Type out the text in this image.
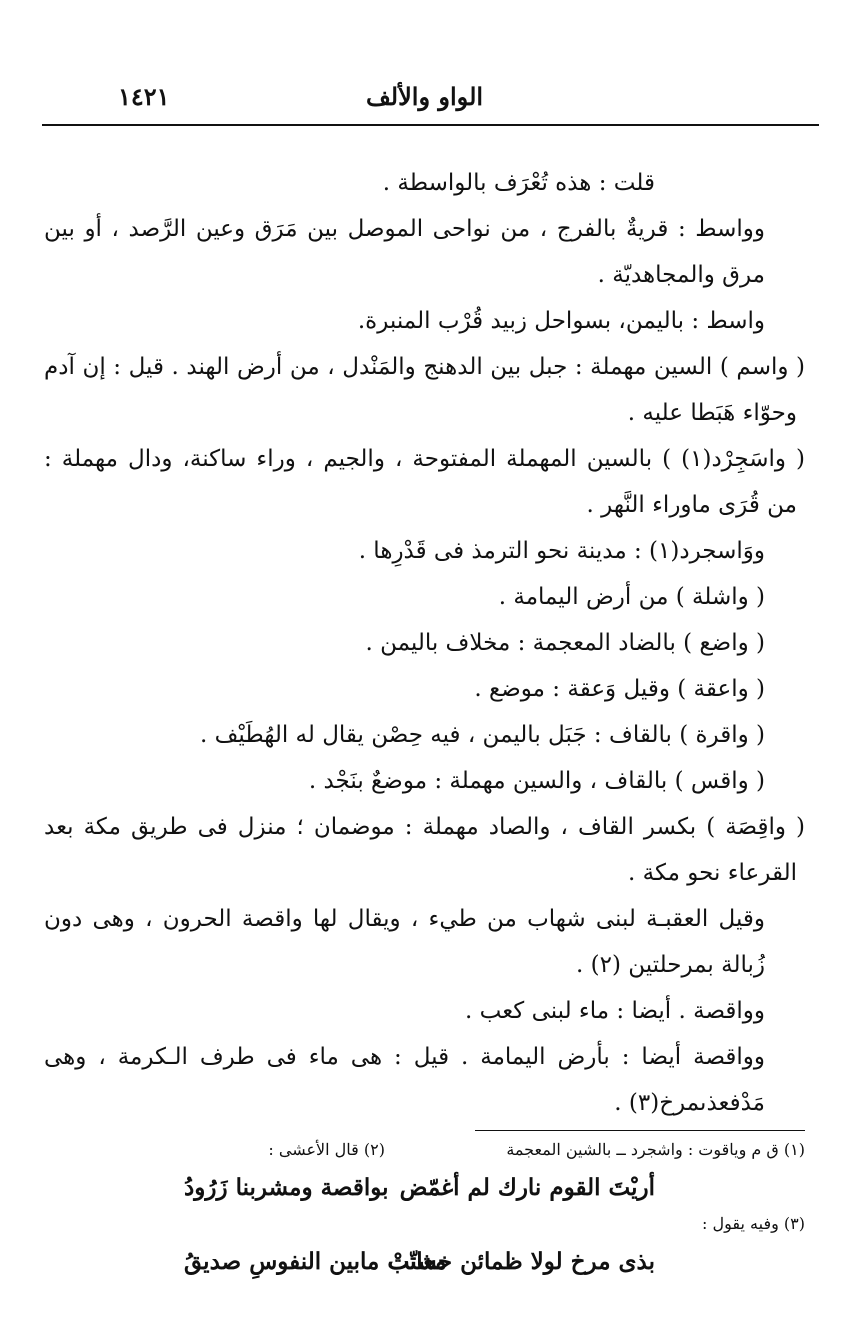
الواو والألف
١٤٢١

قلت : هذه تُعْرَف بالواسطة .

وواسط : قريةٌ بالفرج ، من نواحى الموصل بين مَرَق وعين الرَّصد ، أو بين مرق والمجاهديّة .

واسط : باليمن، بسواحل زبيد قُرْب المنبرة.

( واسم ) السين مهملة : جبل بين الدهنج والمَنْدل ، من أرض الهند . قيل : إن آدم وحوّاء هَبَطا عليه .

( واسَجِرْد(١) ) بالسين المهملة المفتوحة ، والجيم ، وراء ساكنة، ودال مهملة : من قُرَى ماوراء النَّهر .

ووَاسجرد(١) : مدينة نحو الترمذ فى قَدْرِها .

( واشلة ) من أرض اليمامة .

( واضع ) بالضاد المعجمة : مخلاف باليمن .

( واعقة ) وقيل وَعقة : موضع .

( واقرة ) بالقاف : جَبَل باليمن ، فيه حِصْن يقال له الهُطَيْف .

( واقس ) بالقاف ، والسين مهملة : موضعٌ بنَجْد .

( واقِصَة ) بكسر القاف ، والصاد مهملة : موضمان ؛ منزل فى طريق مكة بعد القرعاء نحو مكة .

وقيل العقبـة لبنى شهاب من طيء ، ويقال لها واقصة الحرون ، وهى دون زُبالة بمرحلتين (٢) .

وواقصة . أيضا : ماء لبنى كعب .

وواقصة أيضا : بأرض اليمامة . قيل : هى ماء فى طرف الـكرمة ، وهى مَدْفعذىمرخ(٣) .

(١) ق م وياقوت : واشجرد ــ بالشين المعجمة
(٢) قال الأعشى :
أريْتَ القوم نارك لم أغمّض
بواقصة ومشربنا زَرُودُ
(٣) وفيه يقول :
بذى مرخ لولا ظمائن خشنّتْ
معاتب مابين النفوسِ صديقُ
